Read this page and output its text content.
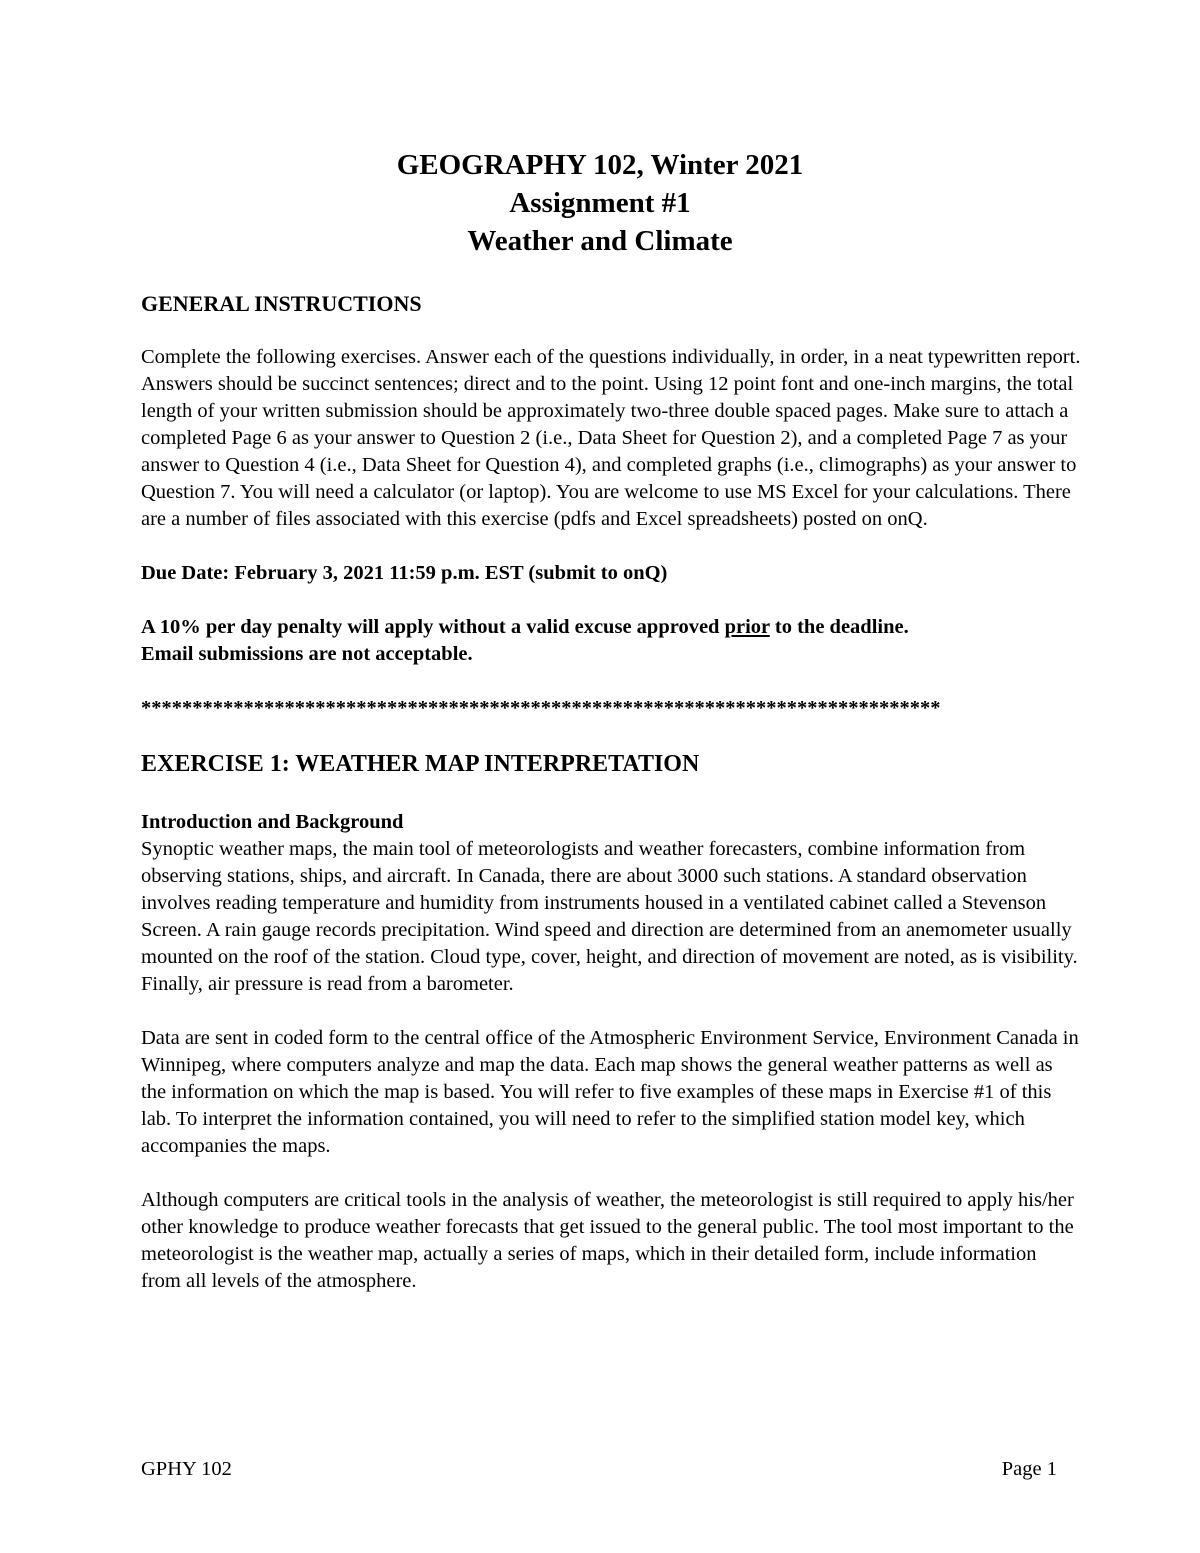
GEOGRAPHY 102, Winter 2021
Assignment #1
Weather and Climate
GENERAL INSTRUCTIONS

Complete the following exercises. Answer each of the questions individually, in order, in a neat typewritten report. Answers should be succinct sentences; direct and to the point. Using 12 point font and one-inch margins, the total length of your written submission should be approximately two-three double spaced pages. Make sure to attach a completed Page 6 as your answer to Question 2 (i.e., Data Sheet for Question 2), and a completed Page 7 as your answer to Question 4 (i.e., Data Sheet for Question 4), and completed graphs (i.e., climographs) as your answer to Question 7. You will need a calculator (or laptop). You are welcome to use MS Excel for your calculations. There are a number of files associated with this exercise (pdfs and Excel spreadsheets) posted on onQ.

Due Date: February 3, 2021 11:59 p.m. EST (submit to onQ)

A 10% per day penalty will apply without a valid excuse approved prior to the deadline.
Email submissions are not acceptable.

******************************************************************************
EXERCISE 1: WEATHER MAP INTERPRETATION
Introduction and Background

Synoptic weather maps, the main tool of meteorologists and weather forecasters, combine information from observing stations, ships, and aircraft. In Canada, there are about 3000 such stations. A standard observation involves reading temperature and humidity from instruments housed in a ventilated cabinet called a Stevenson Screen. A rain gauge records precipitation. Wind speed and direction are determined from an anemometer usually mounted on the roof of the station. Cloud type, cover, height, and direction of movement are noted, as is visibility. Finally, air pressure is read from a barometer.

Data are sent in coded form to the central office of the Atmospheric Environment Service, Environment Canada in Winnipeg, where computers analyze and map the data. Each map shows the general weather patterns as well as the information on which the map is based. You will refer to five examples of these maps in Exercise #1 of this lab. To interpret the information contained, you will need to refer to the simplified station model key, which accompanies the maps.

Although computers are critical tools in the analysis of weather, the meteorologist is still required to apply his/her other knowledge to produce weather forecasts that get issued to the general public. The tool most important to the meteorologist is the weather map, actually a series of maps, which in their detailed form, include information from all levels of the atmosphere.

GPHY 102	Page 1
